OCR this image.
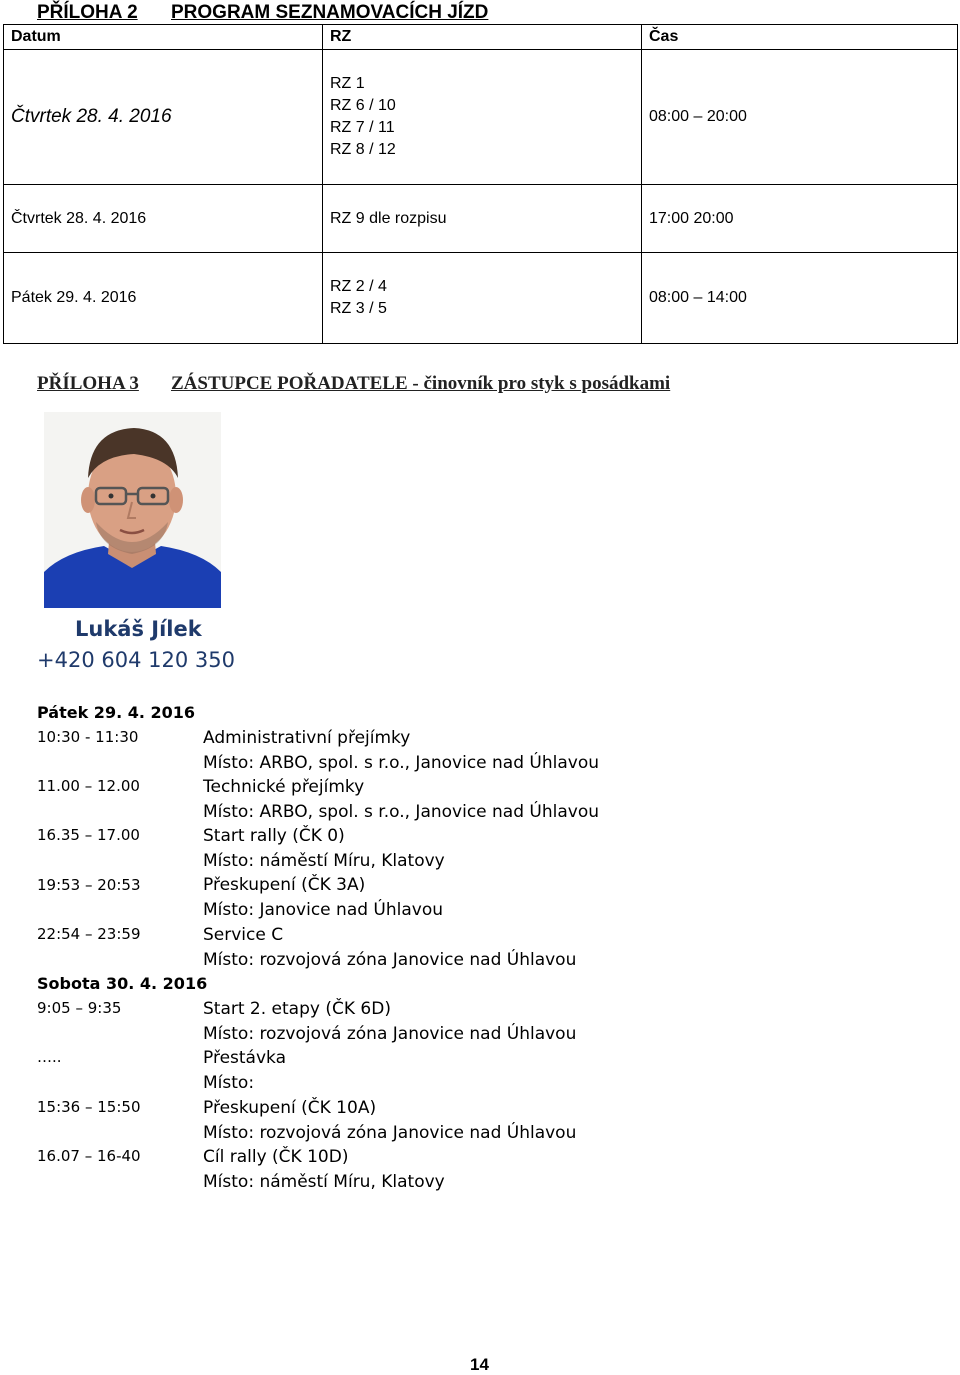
PŘÍLOHA 2 PROGRAM SEZNAMOVACÍCH JÍZD
Datum	RZ	Čas
Čtvrtek 28. 4. 2016	RZ 1
RZ 6 / 10
RZ 7 / 11
RZ 8 / 12	08:00 – 20:00
Čtvrtek 28. 4. 2016	RZ 9 dle rozpisu	17:00 20:00
Pátek 29. 4. 2016	RZ 2 / 4
RZ 3 / 5	08:00 – 14:00
PŘÍLOHA 3 ZÁSTUPCE POŘADATELE - činovník pro styk s posádkami
Lukáš Jílek
+420 604 120 350
Pátek 29. 4. 2016
10:30 - 11:30	Administrativní přejímky
Místo: ARBO, spol. s r.o., Janovice nad Úhlavou
11.00 – 12.00	Technické přejímky
Místo: ARBO, spol. s r.o., Janovice nad Úhlavou
16.35 – 17.00	Start rally (ČK 0)
Místo: náměstí Míru, Klatovy
19:53 – 20:53	Přeskupení (ČK 3A)
Místo: Janovice nad Úhlavou
22:54 – 23:59	Service C
Místo: rozvojová zóna Janovice nad Úhlavou
Sobota 30. 4. 2016
9:05 – 9:35	Start 2. etapy (ČK 6D)
Místo: rozvojová zóna Janovice nad Úhlavou
…..	Přestávka
Místo:
15:36 – 15:50	Přeskupení (ČK 10A)
Místo: rozvojová zóna Janovice nad Úhlavou
16.07 – 16-40	Cíl rally (ČK 10D)
Místo: náměstí Míru, Klatovy
14
